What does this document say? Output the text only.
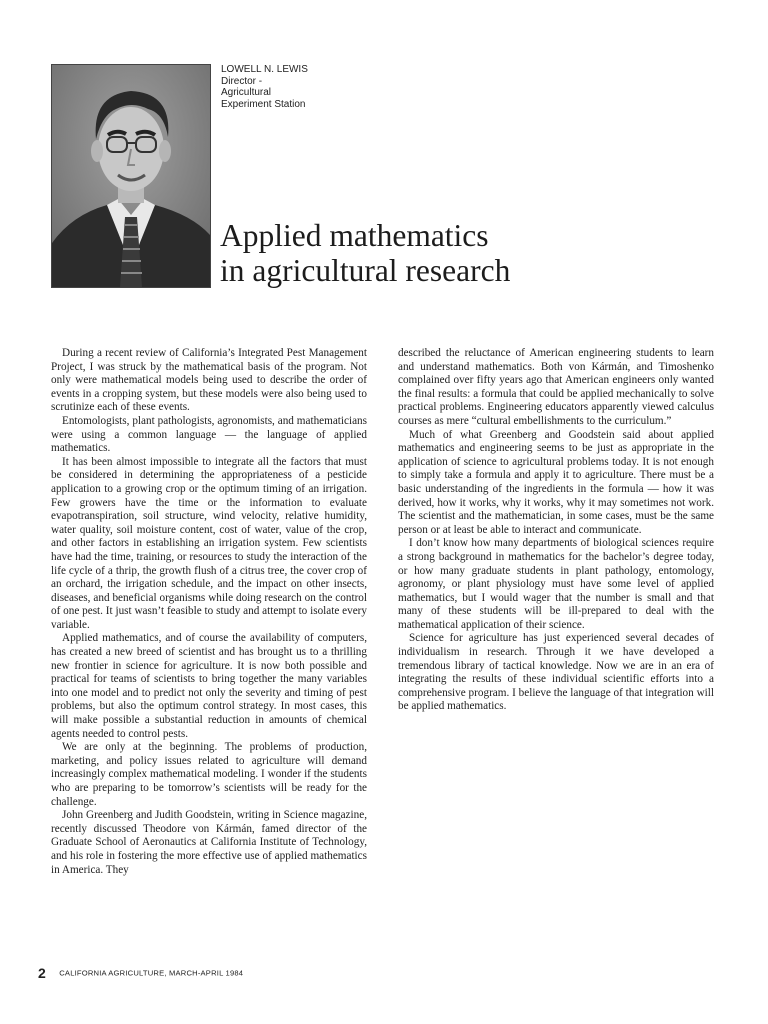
LOWELL N. LEWIS
Director -
Agricultural
Experiment Station
Applied mathematics
in agricultural research

During a recent review of California’s Integrated Pest Management Project, I was struck by the mathematical basis of the program. Not only were mathematical models being used to describe the order of events in a cropping system, but these models were also being used to scrutinize each of these events.

Entomologists, plant pathologists, agronomists, and mathematicians were using a common language — the language of applied mathematics.

It has been almost impossible to integrate all the factors that must be considered in determining the appropriateness of a pesticide application to a growing crop or the optimum timing of an irrigation. Few growers have the time or the information to evaluate evapotranspiration, soil structure, wind velocity, relative humidity, water quality, soil moisture content, cost of water, value of the crop, and other factors in establishing an irrigation system. Few scientists have had the time, training, or resources to study the interaction of the life cycle of a thrip, the growth flush of a citrus tree, the cover crop of an orchard, the irrigation schedule, and the impact on other insects, diseases, and beneficial organisms while doing research on the control of one pest. It just wasn’t feasible to study and attempt to isolate every variable.

Applied mathematics, and of course the availability of computers, has created a new breed of scientist and has brought us to a thrilling new frontier in science for agriculture. It is now both possible and practical for teams of scientists to bring together the many variables into one model and to predict not only the severity and timing of pest problems, but also the optimum control strategy. In most cases, this will make possible a substantial reduction in amounts of chemical agents needed to control pests.

We are only at the beginning. The problems of production, marketing, and policy issues related to agriculture will demand increasingly complex mathematical modeling. I wonder if the students who are preparing to be tomorrow’s scientists will be ready for the challenge.

John Greenberg and Judith Goodstein, writing in Science magazine, recently discussed Theodore von Kármán, famed director of the Graduate School of Aeronautics at California Institute of Technology, and his role in fostering the more effective use of applied mathematics in America. They

described the reluctance of American engineering students to learn and understand mathematics. Both von Kármán, and Timoshenko complained over fifty years ago that American engineers only wanted the final results: a formula that could be applied mechanically to solve practical problems. Engineering educators apparently viewed calculus courses as mere “cultural embellishments to the curriculum.”

Much of what Greenberg and Goodstein said about applied mathematics and engineering seems to be just as appropriate in the application of science to agricultural problems today. It is not enough to simply take a formula and apply it to agriculture. There must be a basic understanding of the ingredients in the formula — how it was derived, how it works, why it works, why it may sometimes not work. The scientist and the mathematician, in some cases, must be the same person or at least be able to interact and communicate.

I don’t know how many departments of biological sciences require a strong background in mathematics for the bachelor’s degree today, or how many graduate students in plant pathology, entomology, agronomy, or plant physiology must have some level of applied mathematics, but I would wager that the number is small and that many of these students will be ill-prepared to deal with the mathematical application of their science.

Science for agriculture has just experienced several decades of individualism in research. Through it we have developed a tremendous library of tactical knowledge. Now we are in an era of integrating the results of these individual scientific efforts into a comprehensive program. I believe the language of that integration will be applied mathematics.

2 CALIFORNIA AGRICULTURE, MARCH-APRIL 1984
